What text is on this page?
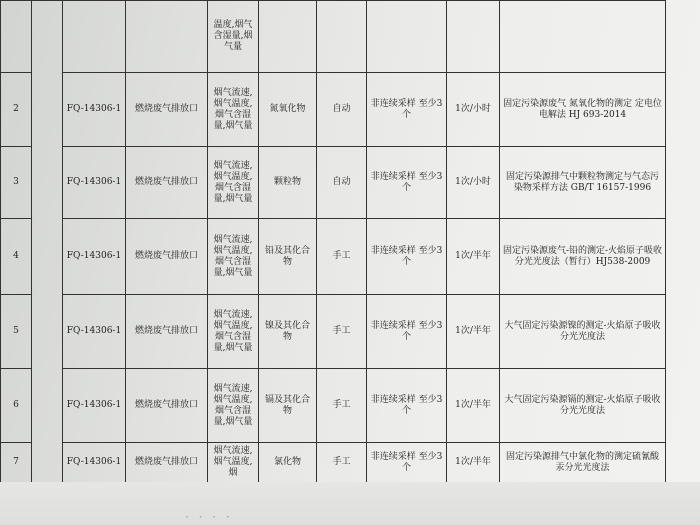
				温度,烟气含湿量,烟气量					
2		FQ-14306-1	燃烧废气排放口	烟气流速,烟气温度,烟气含湿量,烟气量	氮氧化物	自动	非连续采样 至少3个	1次/小时	固定污染源废气 氮氧化物的测定 定电位电解法 HJ 693-2014
3		FQ-14306-1	燃烧废气排放口	烟气流速,烟气温度,烟气含湿量,烟气量	颗粒物	自动	非连续采样 至少3个	1次/小时	固定污染源排气中颗粒物测定与气态污染物采样方法 GB/T 16157-1996
4		FQ-14306-1	燃烧废气排放口	烟气流速,烟气温度,烟气含湿量,烟气量	铅及其化合物	手工	非连续采样 至少3个	1次/半年	固定污染源废气-铅的测定-火焰原子吸收分光光度法（暂行）HJ538-2009
5		FQ-14306-1	燃烧废气排放口	烟气流速,烟气温度,烟气含湿量,烟气量	镍及其化合物	手工	非连续采样 至少3个	1次/半年	大气固定污染源镍的测定-火焰原子吸收分光光度法
6		FQ-14306-1	燃烧废气排放口	烟气流速,烟气温度,烟气含湿量,烟气量	镉及其化合物	手工	非连续采样 至少3个	1次/半年	大气固定污染源镉的测定-火焰原子吸收分光光度法
7		FQ-14306-1	燃烧废气排放口	烟气流速,烟气温度,烟	氯化物	手工	非连续采样 至少3个	1次/半年	固定污染源排气中氯化物的测定硫氰酸汞分光光度法
· · · ·
